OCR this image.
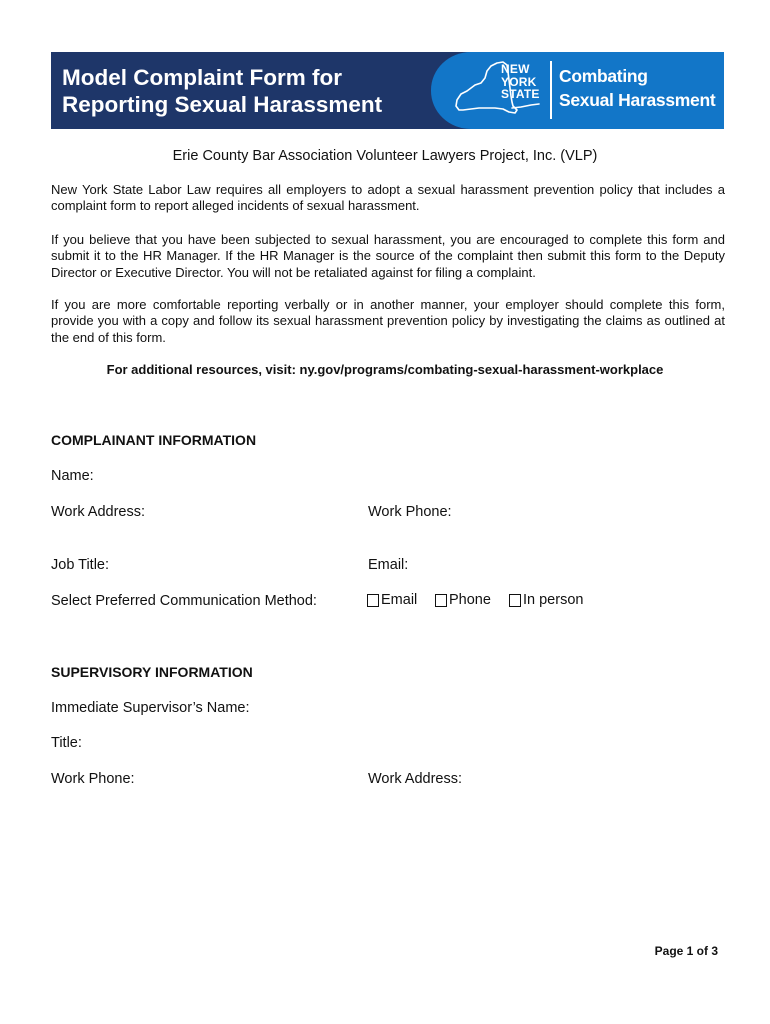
Model Complaint Form for
Reporting Sexual Harassment
NEW
YORK
STATE
Combating
Sexual Harassment

Erie County Bar Association Volunteer Lawyers Project, Inc. (VLP)

New York State Labor Law requires all employers to adopt a sexual harassment prevention policy that includes a complaint form to report alleged incidents of sexual harassment.

If you believe that you have been subjected to sexual harassment, you are encouraged to complete this form and submit it to the HR Manager. If the HR Manager is the source of the complaint then submit this form to the Deputy Director or Executive Director. You will not be retaliated against for filing a complaint.

If you are more comfortable reporting verbally or in another manner, your employer should complete this form, provide you with a copy and follow its sexual harassment prevention policy by investigating the claims as outlined at the end of this form.

For additional resources, visit: ny.gov/programs/combating-sexual-harassment-workplace

COMPLAINANT INFORMATION

Name:

Work Address:	Work Phone:

Job Title:	Email:

Select Preferred Communication Method:	Email Phone In person
SUPERVISORY INFORMATION

Immediate Supervisor’s Name:

Title:

Work Phone:	Work Address:

Page 1 of 3
